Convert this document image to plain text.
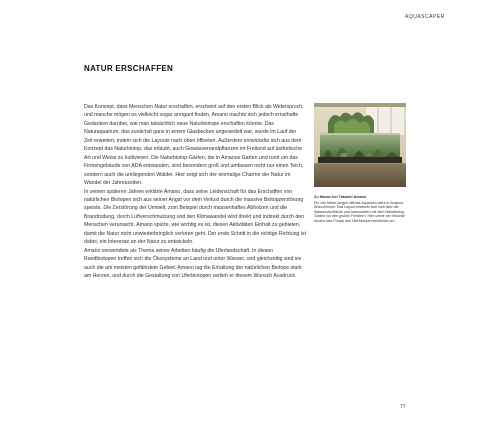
AQUASCAPER
NATUR ERSCHAFFEN

Das Konzept, dass Menschen Natur erschaffen, erscheint auf den ersten Blick als Widerspruch, und manche mögen es vielleicht sogar arrogant finden. Amano machte sich jedoch ernsthafte Gedanken darüber, wie man tatsächlich neue Naturbiotope erschaffen könnte. Das Naturaquarium, das zunächst ganz in einem Glasbecken angesiedelt war, wurde im Lauf der Zeit erweitert, indem sich die Layouts nach oben öffneten. Außerdem entwickelte sich aus dem Konzept das Naturbiotop, das erlaubt, auch Gewässerrandpflanzen im Freiland auf ästhetische Art und Weise zu kultivieren. Die Naturbiotop-Gärten, die in Amanos Garten und rund um das Firmengebäude von ADA entstanden, sind besonders groß und umfassen nicht nur einen Teich, sondern auch die umliegenden Wälder. Hier zeigt sich der einmalige Charme der Natur im Wandel der Jahreszeiten.

In seinen späteren Jahren erklärte Amano, dass seine Leidenschaft für das Erschaffen von natürlichen Biotopen sich aus seiner Angst vor dem Verlust durch die massive Biotopzerstörung speiste. Die Zerstörung der Umwelt, zum Beispiel durch massenhaftes Abholzen und die Brandrodung, durch Luftverschmutzung und den Klimawandel wird direkt und indirekt durch den Menschen verursacht. Amano spürte, wie wichtig es ist, diesen Aktivitäten Einhalt zu gebieten, damit die Natur nicht unwiederbringlich verloren geht. Der erste Schritt in die richtige Richtung ist dabei, ein Interesse an der Natur zu entwickeln.

Amano verwendete als Thema seiner Arbeiten häufig die Uferlandschaft. In diesen Randbiotopen treffen sich die Ökosysteme an Land und unter Wasser, und gleichzeitig sind sie auch die am meisten gefährdete Gebiet. Amano lag die Erhaltung der natürlichen Biotope stark am Herzen, und durch die Gestaltung von Uferbiotopen verlieh er diesem Wunsch Ausdruck.

Zu Hause bei Takashi Amano
Ein vier Meter langes offenes Aquarium dient in Amanos Wohnzimmer. Das Layout erstreckt sich weit über die Wasseroberfläche und harmonisiert mit dem Naturbiotop-Garten vor den großen Fenstern. Hier setzte der Visionär Amano das Prinzip des Uferbiotops meisterlich um.
77
